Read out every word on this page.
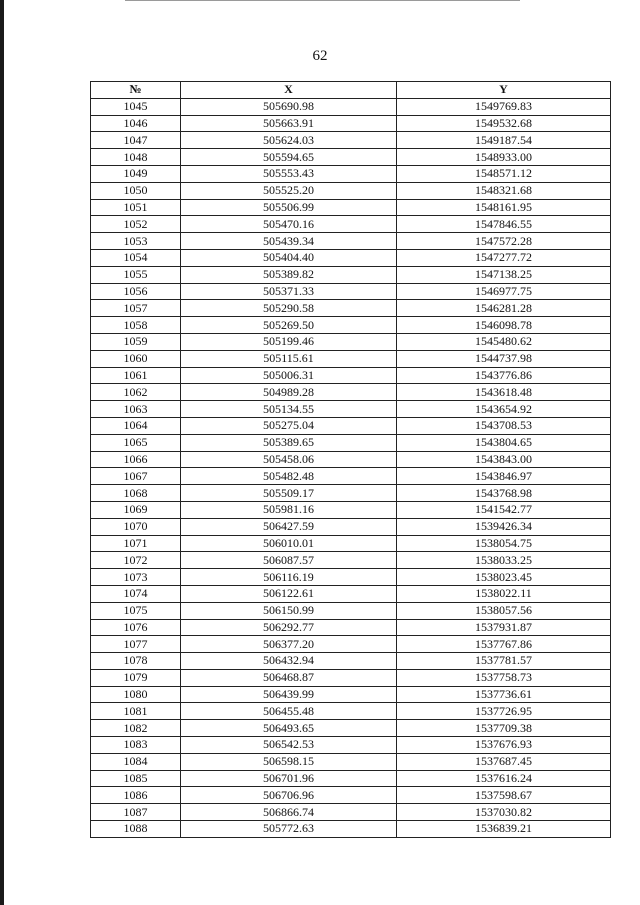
62
№	X	Y
1045	505690.98	1549769.83
1046	505663.91	1549532.68
1047	505624.03	1549187.54
1048	505594.65	1548933.00
1049	505553.43	1548571.12
1050	505525.20	1548321.68
1051	505506.99	1548161.95
1052	505470.16	1547846.55
1053	505439.34	1547572.28
1054	505404.40	1547277.72
1055	505389.82	1547138.25
1056	505371.33	1546977.75
1057	505290.58	1546281.28
1058	505269.50	1546098.78
1059	505199.46	1545480.62
1060	505115.61	1544737.98
1061	505006.31	1543776.86
1062	504989.28	1543618.48
1063	505134.55	1543654.92
1064	505275.04	1543708.53
1065	505389.65	1543804.65
1066	505458.06	1543843.00
1067	505482.48	1543846.97
1068	505509.17	1543768.98
1069	505981.16	1541542.77
1070	506427.59	1539426.34
1071	506010.01	1538054.75
1072	506087.57	1538033.25
1073	506116.19	1538023.45
1074	506122.61	1538022.11
1075	506150.99	1538057.56
1076	506292.77	1537931.87
1077	506377.20	1537767.86
1078	506432.94	1537781.57
1079	506468.87	1537758.73
1080	506439.99	1537736.61
1081	506455.48	1537726.95
1082	506493.65	1537709.38
1083	506542.53	1537676.93
1084	506598.15	1537687.45
1085	506701.96	1537616.24
1086	506706.96	1537598.67
1087	506866.74	1537030.82
1088	505772.63	1536839.21
